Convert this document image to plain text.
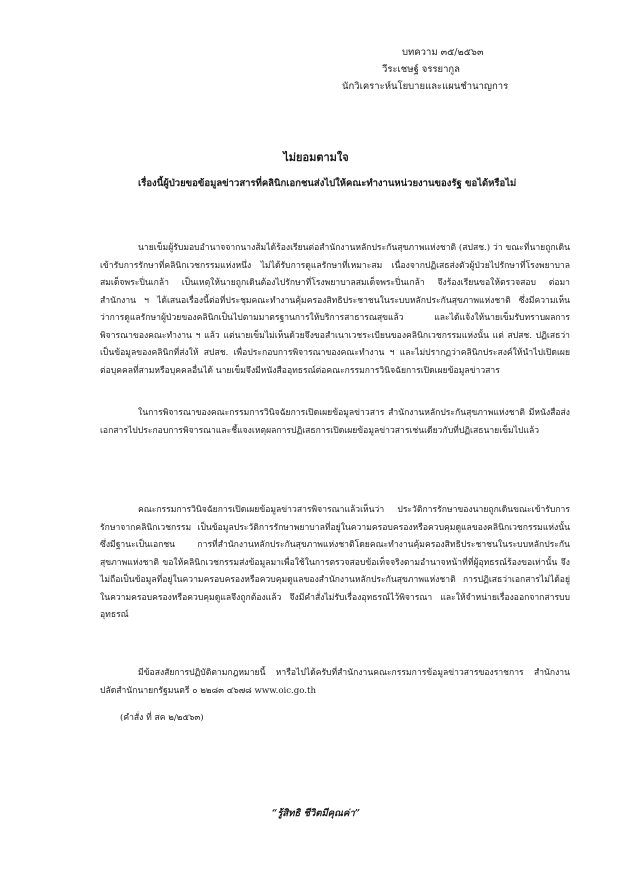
บทความ ๓๕/๒๕๖๓
วีระเชษฐ์ จรรยากูล
นักวิเคราะห์นโยบายและแผนชำนาญการ
ไม่ยอมตามใจ
เรื่องนี้ผู้ป่วยขอข้อมูลข่าวสารที่คลินิกเอกชนส่งไปให้คณะทำงานหน่วยงานของรัฐ ขอได้หรือไม่
นายเข็มผู้รับมอบอำนาจจากนางส้มได้ร้องเรียนต่อสำนักงานหลักประกันสุขภาพแห่งชาติ (สปสช.) ว่า ขณะที่นายถูกเดินเข้ารับการรักษาที่คลินิกเวชกรรมแห่งหนึ่ง ไม่ได้รับการดูแลรักษาที่เหมาะสม เนื่องจากปฏิเสธส่งตัวผู้ป่วยไปรักษาที่โรงพยาบาลสมเด็จพระปิ่นเกล้า เป็นเหตุให้นายถูกเดินต้องไปรักษาที่โรงพยาบาลสมเด็จพระปิ่นเกล้า จึงร้องเรียนขอให้ตรวจสอบ ต่อมาสำนักงาน ฯ ได้เสนอเรื่องนี้ต่อที่ประชุมคณะทำงานคุ้มครองสิทธิประชาชนในระบบหลักประกันสุขภาพแห่งชาติ ซึ่งมีความเห็นว่าการดูแลรักษาผู้ป่วยของคลินิกเป็นไปตามมาตรฐานการให้บริการสาธารณสุขแล้ว และได้แจ้งให้นายเข็มรับทราบผลการพิจารณาของคณะทำงาน ฯ แล้ว แต่นายเข็มไม่เห็นด้วยจึงขอสำเนาเวชระเบียนของคลินิกเวชกรรมแห่งนั้น แต่ สปสช. ปฏิเสธว่าเป็นข้อมูลของคลินิกที่ส่งให้ สปสช. เพื่อประกอบการพิจารณาของคณะทำงาน ฯ และไม่ปรากฏว่าคลินิกประสงค์ให้นำไปเปิดเผยต่อบุคคลที่สามหรือบุคคลอื่นได้ นายเข็มจึงมีหนังสืออุทธรณ์ต่อคณะกรรมการวินิจฉัยการเปิดเผยข้อมูลข่าวสาร
ในการพิจารณาของคณะกรรมการวินิจฉัยการเปิดเผยข้อมูลข่าวสาร สำนักงานหลักประกันสุขภาพแห่งชาติ มีหนังสือส่งเอกสารไปประกอบการพิจารณาและชี้แจงเหตุผลการปฏิเสธการเปิดเผยข้อมูลข่าวสารเช่นเดียวกับที่ปฏิเสธนายเข็มไปแล้ว
คณะกรรมการวินิจฉัยการเปิดเผยข้อมูลข่าวสารพิจารณาแล้วเห็นว่า ประวัติการรักษาของนายถูกเดินขณะเข้ารับการรักษาจากคลินิกเวชกรรม เป็นข้อมูลประวัติการรักษาพยาบาลที่อยู่ในความครอบครองหรือควบคุมดูแลของคลินิกเวชกรรมแห่งนั้นซึ่งมีฐานะเป็นเอกชน การที่สำนักงานหลักประกันสุขภาพแห่งชาติโดยคณะทำงานคุ้มครองสิทธิประชาชนในระบบหลักประกันสุขภาพแห่งชาติ ขอให้คลินิกเวชกรรมส่งข้อมูลมาเพื่อใช้ในการตรวจสอบข้อเท็จจริงตามอำนาจหน้าที่ที่ผู้อุทธรณ์ร้องขอเท่านั้น จึงไม่ถือเป็นข้อมูลที่อยู่ในความครอบครองหรือควบคุมดูแลของสำนักงานหลักประกันสุขภาพแห่งชาติ การปฏิเสธว่าเอกสารไม่ได้อยู่ในความครอบครองหรือควบคุมดูแลจึงถูกต้องแล้ว จึงมีคำสั่งไม่รับเรื่องอุทธรณ์ไว้พิจารณา และให้จำหน่ายเรื่องออกจากสารบบอุทธรณ์
มีข้อสงสัยการปฏิบัติตามกฎหมายนี้ หารือไปได้ครับที่สำนักงานคณะกรรมการข้อมูลข่าวสารของราชการ สำนักงานปลัดสำนักนายกรัฐมนตรี ๐ ๒๒๘๓ ๔๖๗๘ www.oic.go.th
(คำสั่ง ที่ สค ๒/๒๕๖๓)
“รู้สิทธิ ชีวิตมีคุณค่า”
